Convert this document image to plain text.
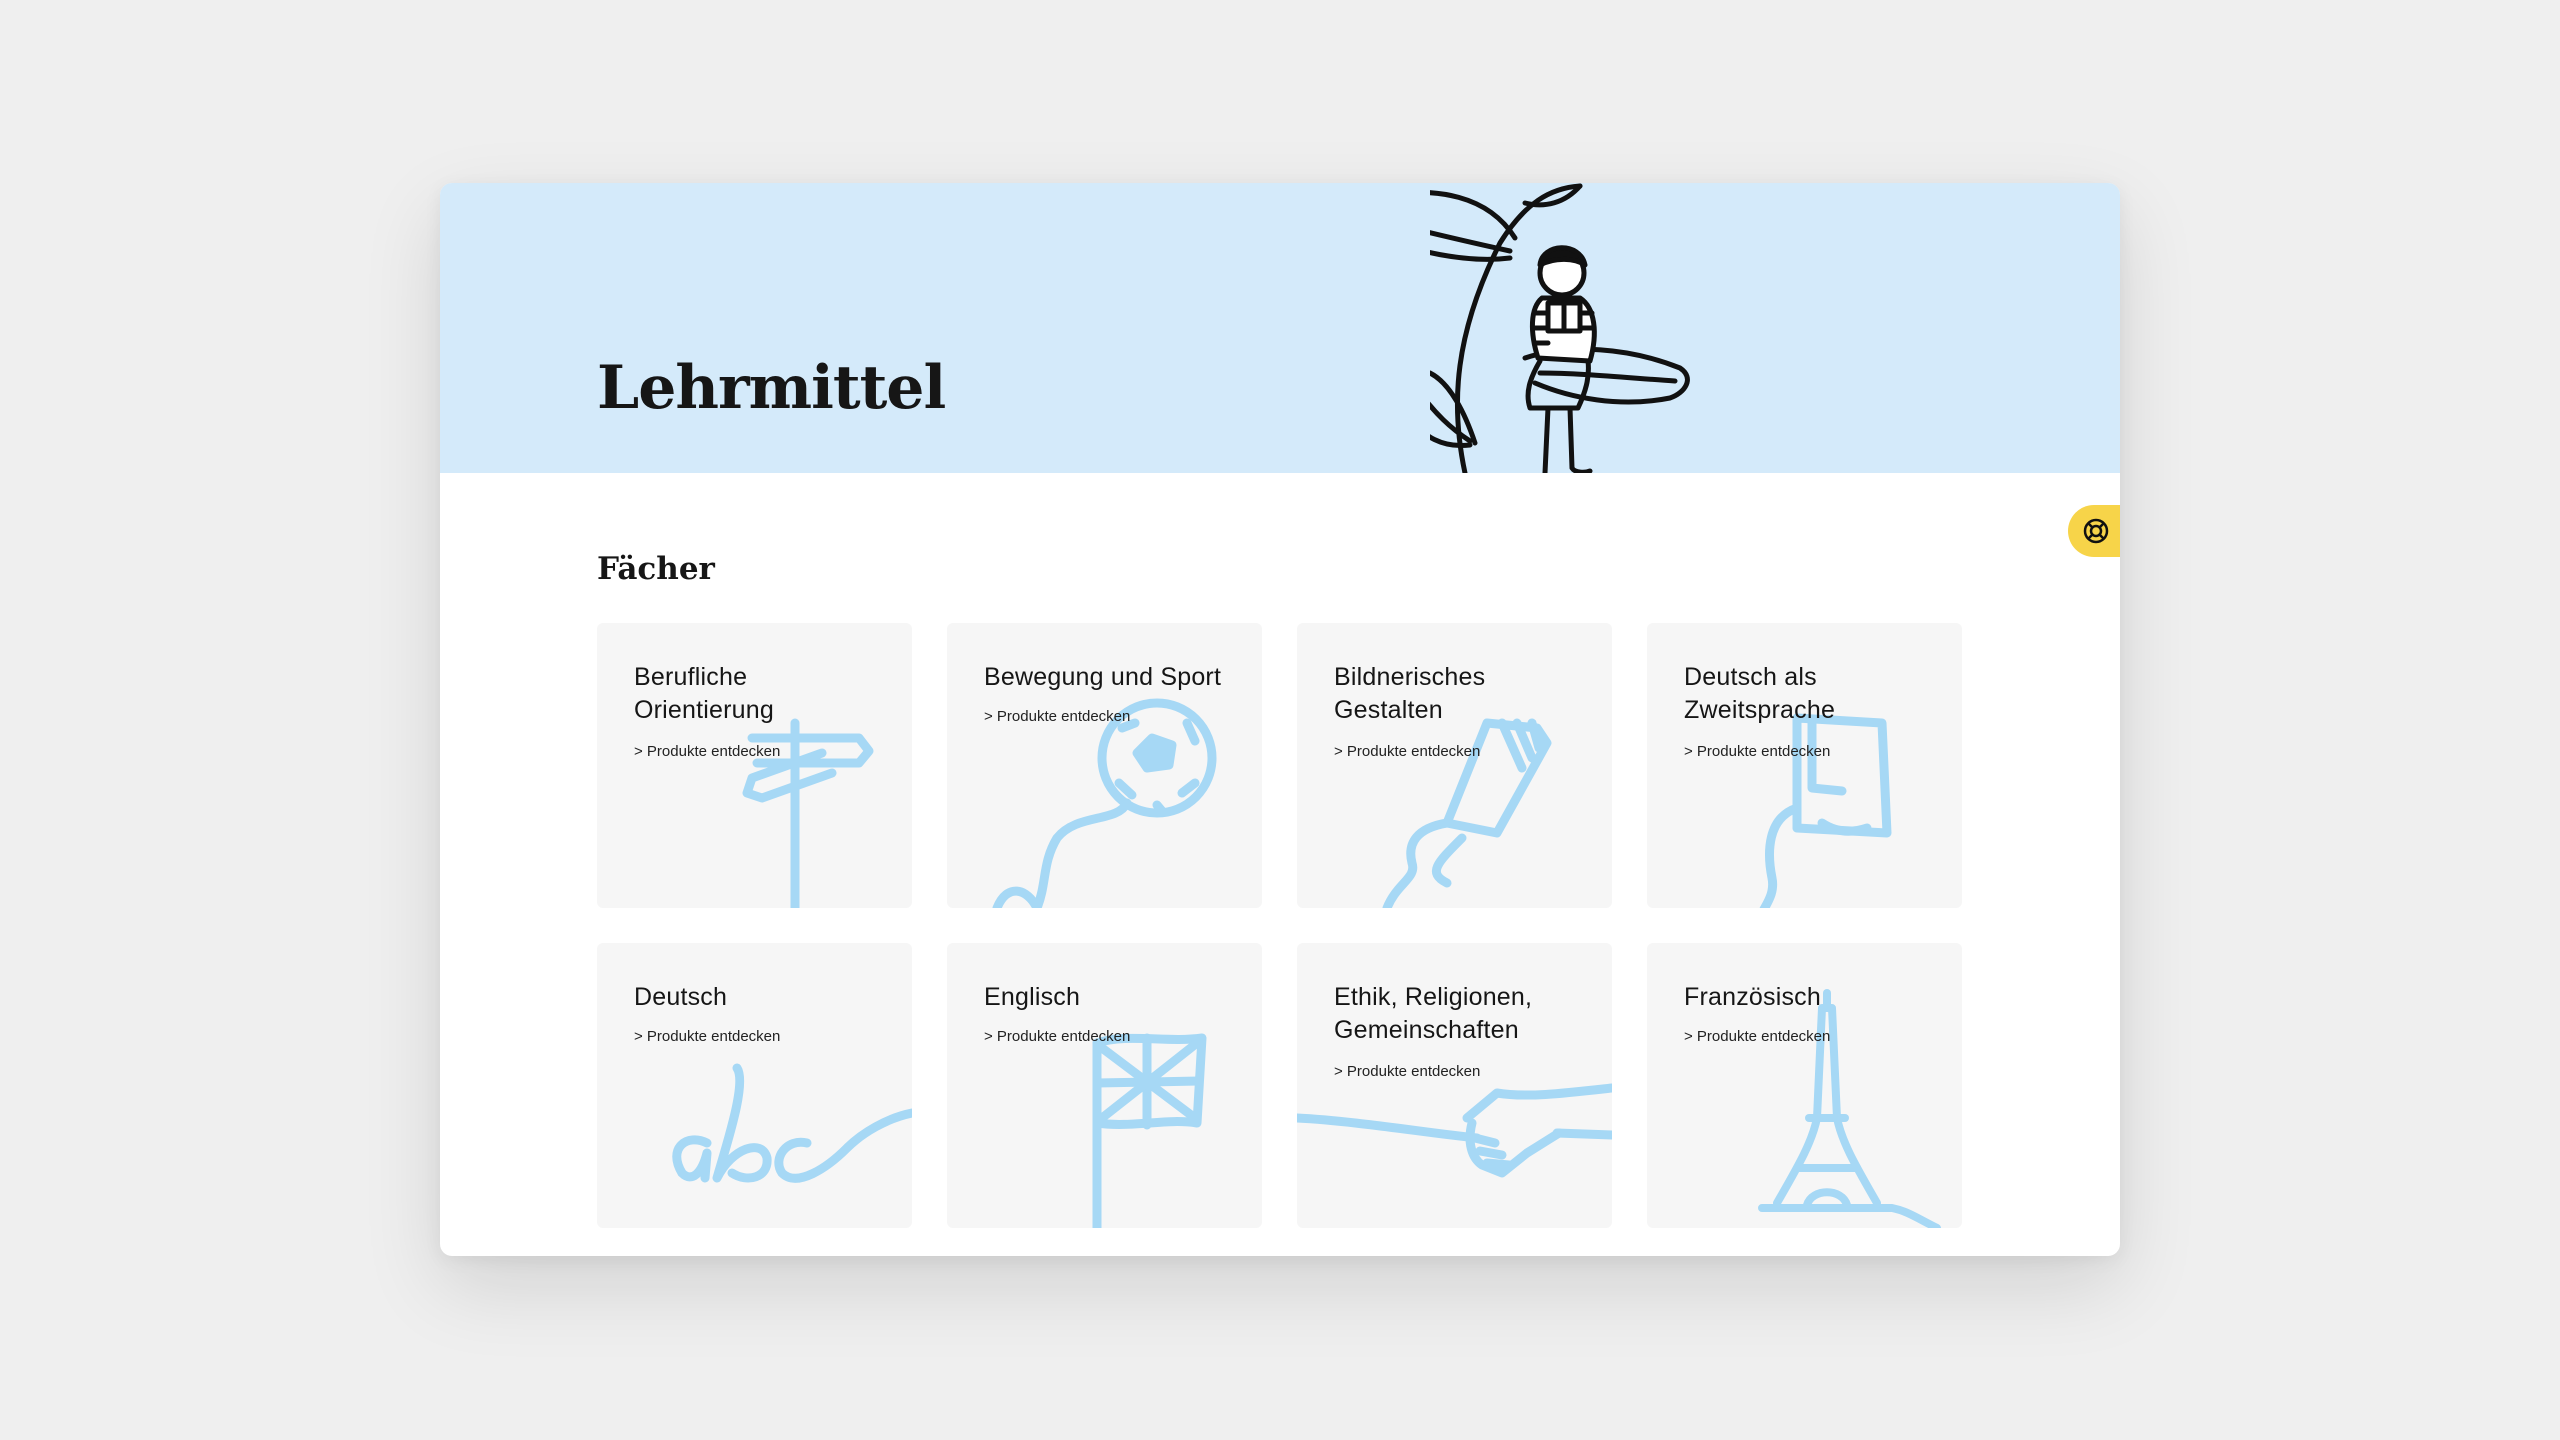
Lehrmittel
Fächer
Berufliche Orientierung
> Produkte entdecken
Bewegung und Sport
> Produkte entdecken
Bildnerisches Gestalten
> Produkte entdecken
Deutsch als Zweitsprache
> Produkte entdecken
Deutsch
> Produkte entdecken
Englisch
> Produkte entdecken
Ethik, Religionen, Gemeinschaften
> Produkte entdecken
Französisch
> Produkte entdecken
